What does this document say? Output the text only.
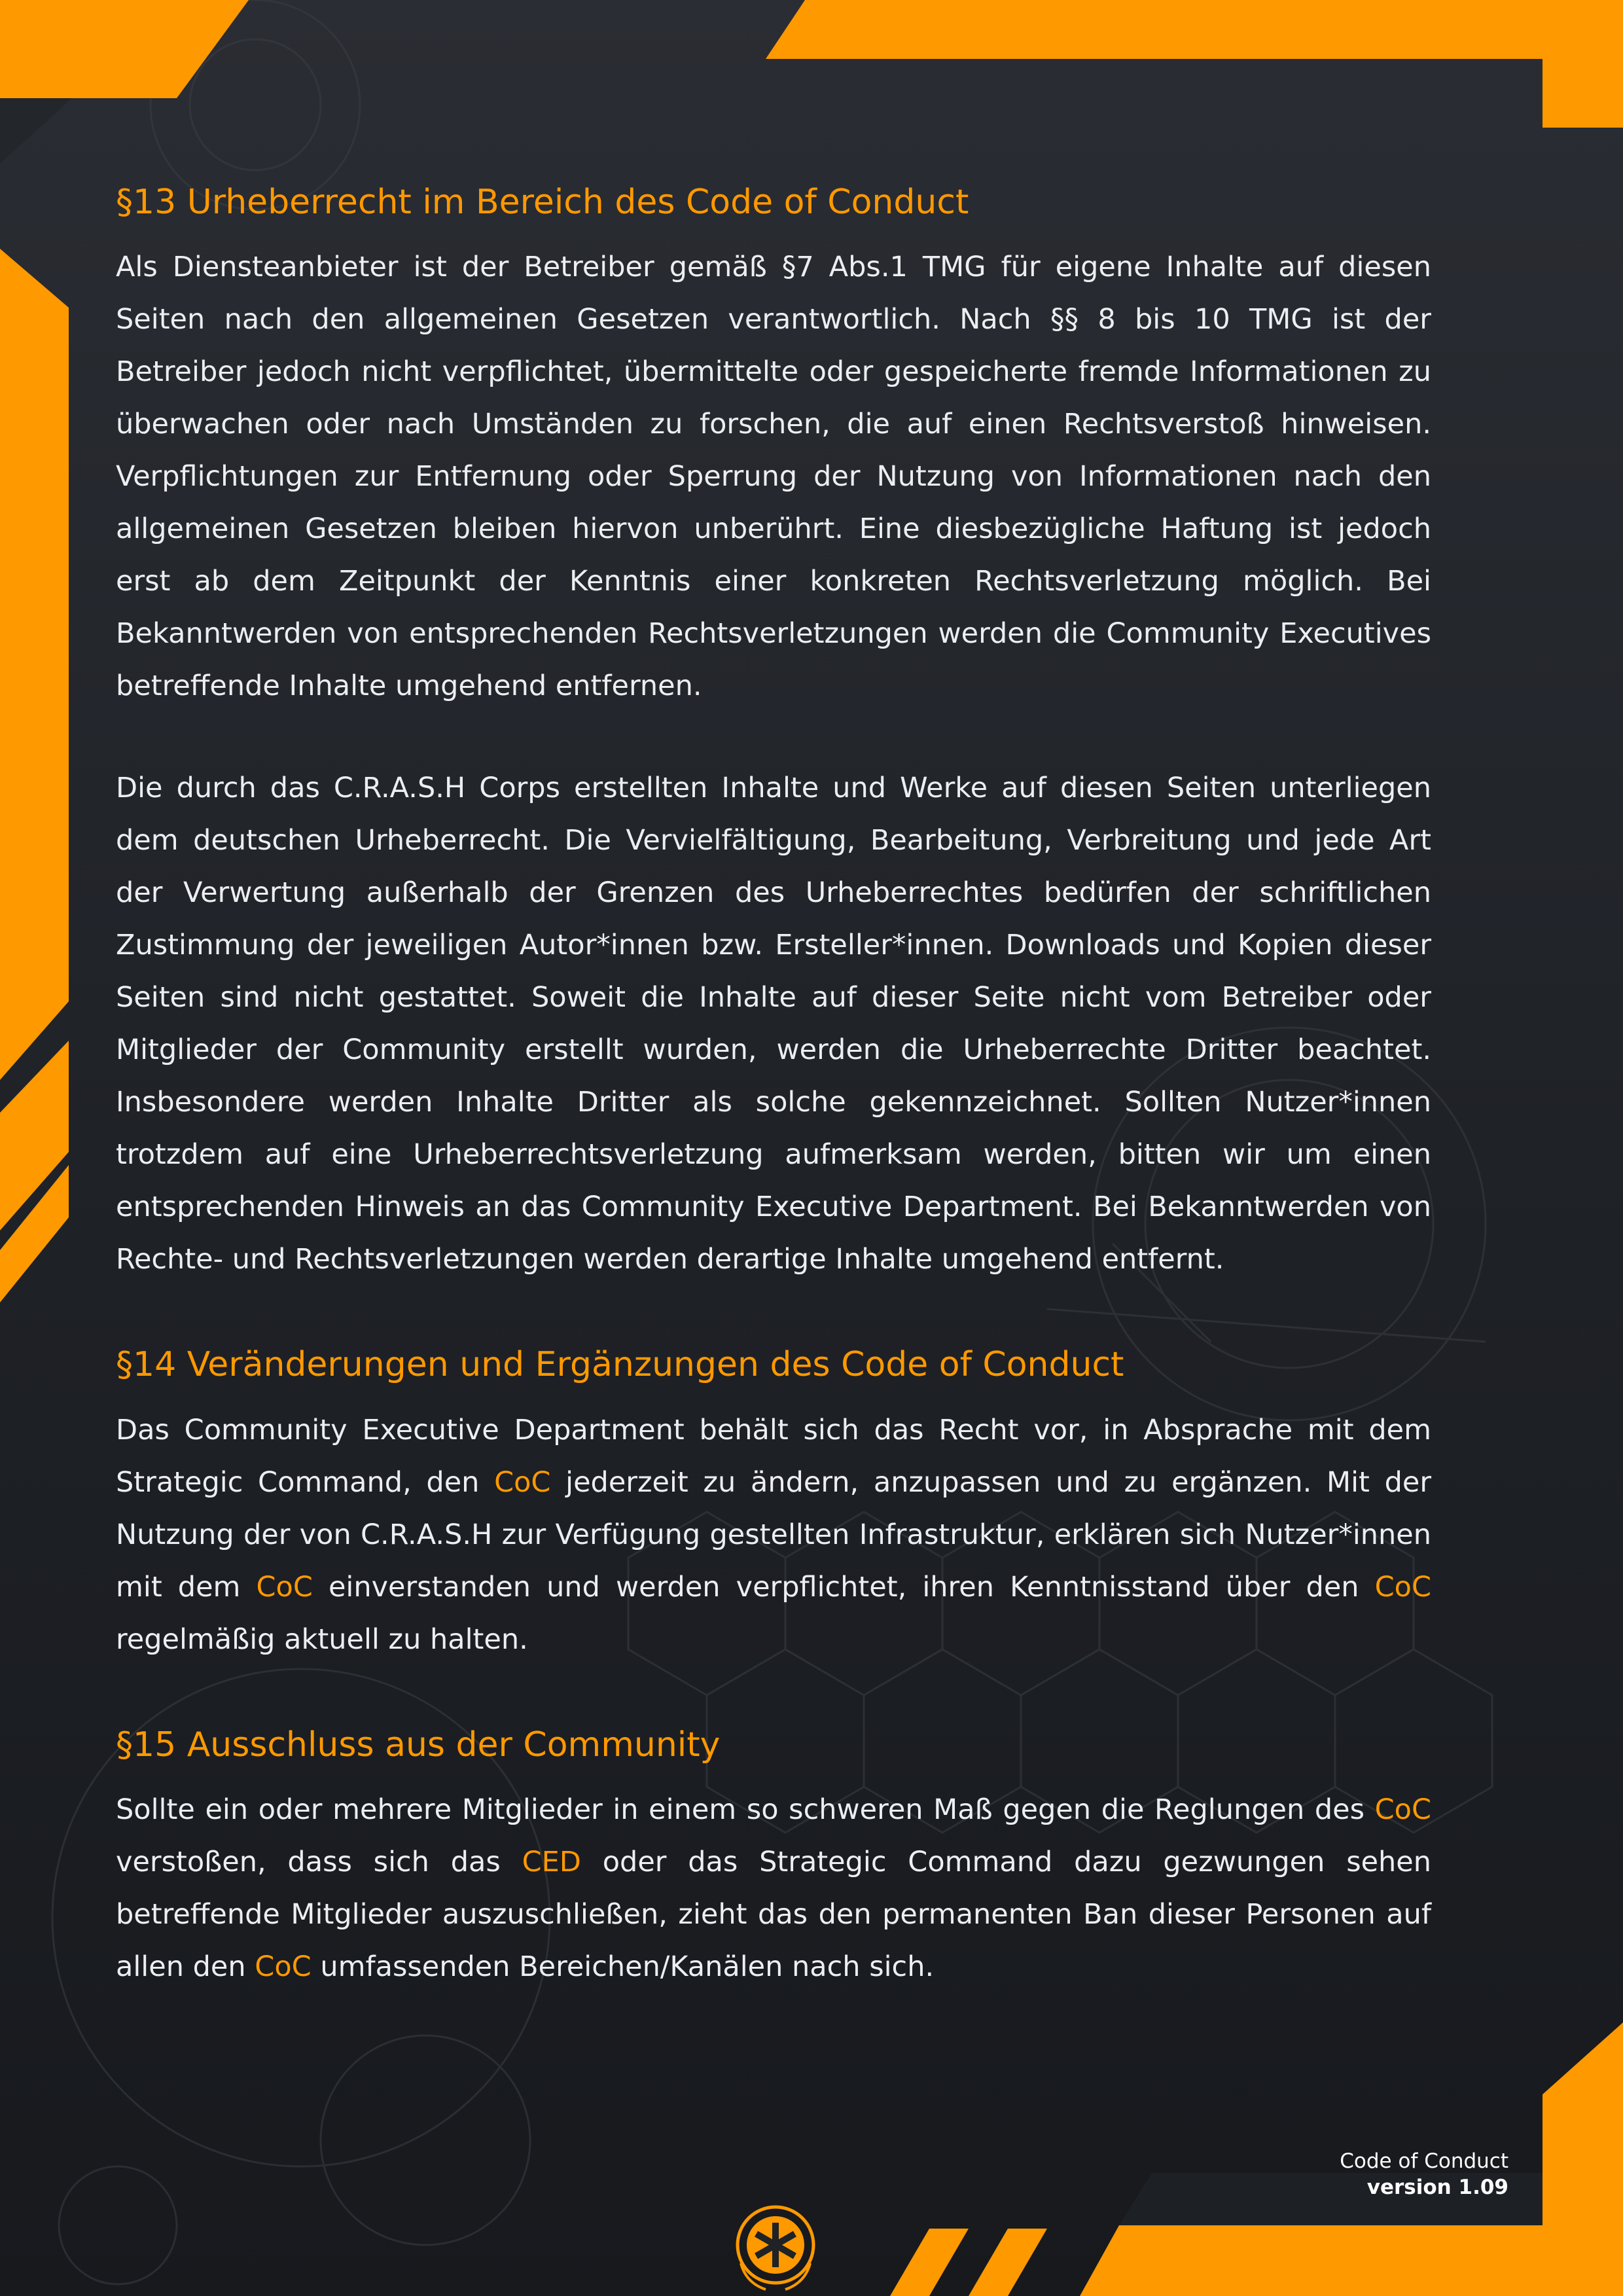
§13 Urheberrecht im Bereich des Code of Conduct

Als Diensteanbieter ist der Betreiber gemäß §7 Abs.1 TMG für eigene Inhalte auf diesen Seiten nach den allgemeinen Gesetzen verantwortlich. Nach §§ 8 bis 10 TMG ist der Betreiber jedoch nicht verpflichtet, übermittelte oder gespeicherte fremde Informationen zu überwachen oder nach Umständen zu forschen, die auf einen Rechtsverstoß hinweisen. Verpflichtungen zur Entfernung oder Sperrung der Nutzung von Informationen nach den allgemeinen Gesetzen bleiben hiervon unberührt. Eine diesbezügliche Haftung ist jedoch erst ab dem Zeitpunkt der Kenntnis einer konkreten Rechtsverletzung möglich. Bei Bekanntwerden von entsprechenden Rechtsverletzungen werden die Community Executives betreffende Inhalte umgehend entfernen.

Die durch das C.R.A.S.H Corps erstellten Inhalte und Werke auf diesen Seiten unterliegen dem deutschen Urheberrecht. Die Vervielfältigung, Bearbeitung, Verbreitung und jede Art der Verwertung außerhalb der Grenzen des Urheberrechtes bedürfen der schriftlichen Zustimmung der jeweiligen Autor*innen bzw. Ersteller*innen. Downloads und Kopien dieser Seiten sind nicht gestattet. Soweit die Inhalte auf dieser Seite nicht vom Betreiber oder Mitglieder der Community erstellt wurden, werden die Urheberrechte Dritter beachtet. Insbesondere werden Inhalte Dritter als solche gekennzeichnet. Sollten Nutzer*innen trotzdem auf eine Urheberrechtsverletzung aufmerksam werden, bitten wir um einen entsprechenden Hinweis an das Community Executive Department. Bei Bekanntwerden von Rechte- und Rechtsverletzungen werden derartige Inhalte umgehend entfernt.

§14 Veränderungen und Ergänzungen des Code of Conduct

Das Community Executive Department behält sich das Recht vor, in Absprache mit dem Strategic Command, den CoC jederzeit zu ändern, anzupassen und zu ergänzen. Mit der Nutzung der von C.R.A.S.H zur Verfügung gestellten Infrastruktur, erklären sich Nutzer*innen mit dem CoC einverstanden und werden verpflichtet, ihren Kenntnisstand über den CoC regelmäßig aktuell zu halten.

§15 Ausschluss aus der Community

Sollte ein oder mehrere Mitglieder in einem so schweren Maß gegen die Reglungen des CoC verstoßen, dass sich das CED oder das Strategic Command dazu gezwungen sehen betreffende Mitglieder auszuschließen, zieht das den permanenten Ban dieser Personen auf allen den CoC umfassenden Bereichen/Kanälen nach sich.

Code of Conduct
version 1.09
